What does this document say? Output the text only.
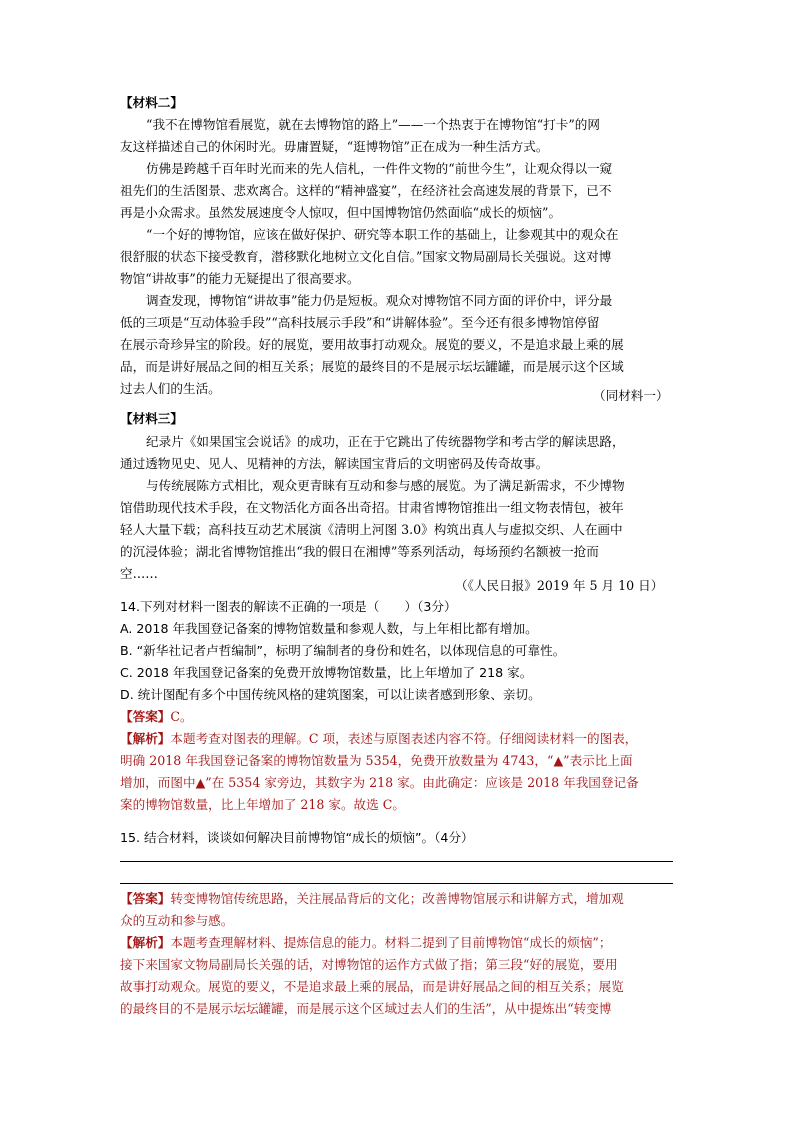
【材料二】
“我不在博物馆看展览，就在去博物馆的路上”——一个热衷于在博物馆“打卡”的网
友这样描述自己的休闲时光。毋庸置疑，“逛博物馆”正在成为一种生活方式。
仿佛是跨越千百年时光而来的先人信札，一件件文物的“前世今生”，让观众得以一窥
祖先们的生活图景、悲欢离合。这样的“精神盛宴”，在经济社会高速发展的背景下，已不
再是小众需求。虽然发展速度令人惊叹，但中国博物馆仍然面临“成长的烦恼”。
“一个好的博物馆，应该在做好保护、研究等本职工作的基础上，让参观其中的观众在
很舒服的状态下接受教育，潜移默化地树立文化自信。”国家文物局副局长关强说。这对博
物馆“讲故事”的能力无疑提出了很高要求。
调查发现，博物馆“讲故事”能力仍是短板。观众对博物馆不同方面的评价中，评分最
低的三项是“互动体验手段”“高科技展示手段”和“讲解体验”。至今还有很多博物馆停留
在展示奇珍异宝的阶段。好的展览，要用故事打动观众。展览的要义，不是追求最上乘的展
品，而是讲好展品之间的相互关系；展览的最终目的不是展示坛坛罐罐，而是展示这个区域
过去人们的生活。	（同材料一）
【材料三】
纪录片《如果国宝会说话》的成功，正在于它跳出了传统器物学和考古学的解读思路，
通过透物见史、见人、见精神的方法，解读国宝背后的文明密码及传奇故事。
与传统展陈方式相比，观众更青睐有互动和参与感的展览。为了满足新需求，不少博物
馆借助现代技术手段，在文物活化方面各出奇招。甘肃省博物馆推出一组文物表情包，被年
轻人大量下载；高科技互动艺术展演《清明上河图 3.0》构筑出真人与虚拟交织、人在画中
的沉浸体验；湖北省博物馆推出“我的假日在湘博”等系列活动，每场预约名额被一抢而
空……
（《人民日报》2019 年 5 月 10 日）
14.下列对材料一图表的解读不正确的一项是（　　）（3分）
A. 2018 年我国登记备案的博物馆数量和参观人数，与上年相比都有增加。
B. “新华社记者卢哲编制”，标明了编制者的身份和姓名，以体现信息的可靠性。
C. 2018 年我国登记备案的免费开放博物馆数量，比上年增加了 218 家。
D. 统计图配有多个中国传统风格的建筑图案，可以让读者感到形象、亲切。
【答案】C。
【解析】本题考查对图表的理解。C 项，表述与原图表述内容不符。仔细阅读材料一的图表，
明确 2018 年我国登记备案的博物馆数量为 5354，免费开放数量为 4743，“▲”表示比上面
增加，而图中▲”在 5354 家旁边，其数字为 218 家。由此确定：应该是 2018 年我国登记备
案的博物馆数量，比上年增加了 218 家。故选 C。
15. 结合材料，谈谈如何解决目前博物馆“成长的烦恼”。（4分）
【答案】转变博物馆传统思路，关注展品背后的文化；改善博物馆展示和讲解方式，增加观
众的互动和参与感。
【解析】本题考查理解材料、提炼信息的能力。材料二提到了目前博物馆“成长的烦恼”；
接下来国家文物局副局长关强的话，对博物馆的运作方式做了指；第三段“好的展览，要用
故事打动观众。展览的要义，不是追求最上乘的展品，而是讲好展品之间的相互关系；展览
的最终目的不是展示坛坛罐罐，而是展示这个区域过去人们的生活”，从中提炼出“转变博
